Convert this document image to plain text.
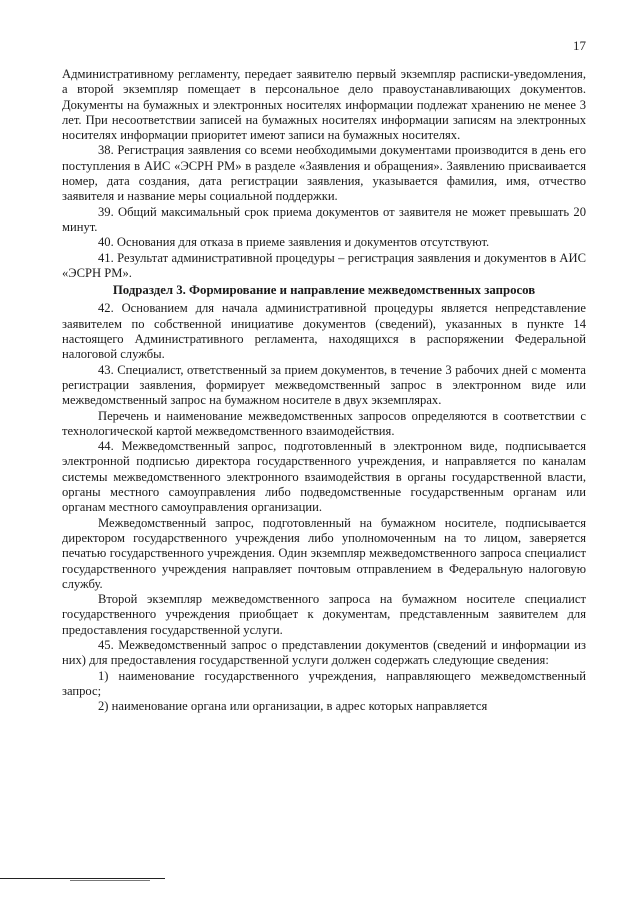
17

Административному регламенту, передает заявителю первый экземпляр расписки-уведомления, а второй экземпляр помещает в персональное дело правоустанавливающих документов. Документы на бумажных и электронных носителях информации подлежат хранению не менее 3 лет. При несоответствии записей на бумажных носителях информации записям на электронных носителях информации приоритет имеют записи на бумажных носителях.

38. Регистрация заявления со всеми необходимыми документами производится в день его поступления в АИС «ЭСРН РМ» в разделе «Заявления и обращения». Заявлению присваивается номер, дата создания, дата регистрации заявления, указывается фамилия, имя, отчество заявителя и название меры социальной поддержки.

39. Общий максимальный срок приема документов от заявителя не может превышать 20 минут.

40. Основания для отказа в приеме заявления и документов отсутствуют.

41. Результат административной процедуры – регистрация заявления и документов в АИС «ЭСРН РМ».

Подраздел 3. Формирование и направление межведомственных запросов

42. Основанием для начала административной процедуры является непредставление заявителем по собственной инициативе документов (сведений), указанных в пункте 14 настоящего Административного регламента, находящихся в распоряжении Федеральной налоговой службы.

43. Специалист, ответственный за прием документов, в течение 3 рабочих дней с момента регистрации заявления, формирует межведомственный запрос в электронном виде или межведомственный запрос на бумажном носителе в двух экземплярах.

Перечень и наименование межведомственных запросов определяются в соответствии с технологической картой межведомственного взаимодействия.

44. Межведомственный запрос, подготовленный в электронном виде, подписывается электронной подписью директора государственного учреждения, и направляется по каналам системы межведомственного электронного взаимодействия в органы государственной власти, органы местного самоуправления либо подведомственные государственным органам или органам местного самоуправления организации.

Межведомственный запрос, подготовленный на бумажном носителе, подписывается директором государственного учреждения либо уполномоченным на то лицом, заверяется печатью государственного учреждения. Один экземпляр межведомственного запроса специалист государственного учреждения направляет почтовым отправлением в Федеральную налоговую службу.

Второй экземпляр межведомственного запроса на бумажном носителе специалист государственного учреждения приобщает к документам, представленным заявителем для предоставления государственной услуги.

45. Межведомственный запрос о представлении документов (сведений и информации из них) для предоставления государственной услуги должен содержать следующие сведения:

1) наименование государственного учреждения, направляющего межведомственный запрос;

2) наименование органа или организации, в адрес которых направляется
